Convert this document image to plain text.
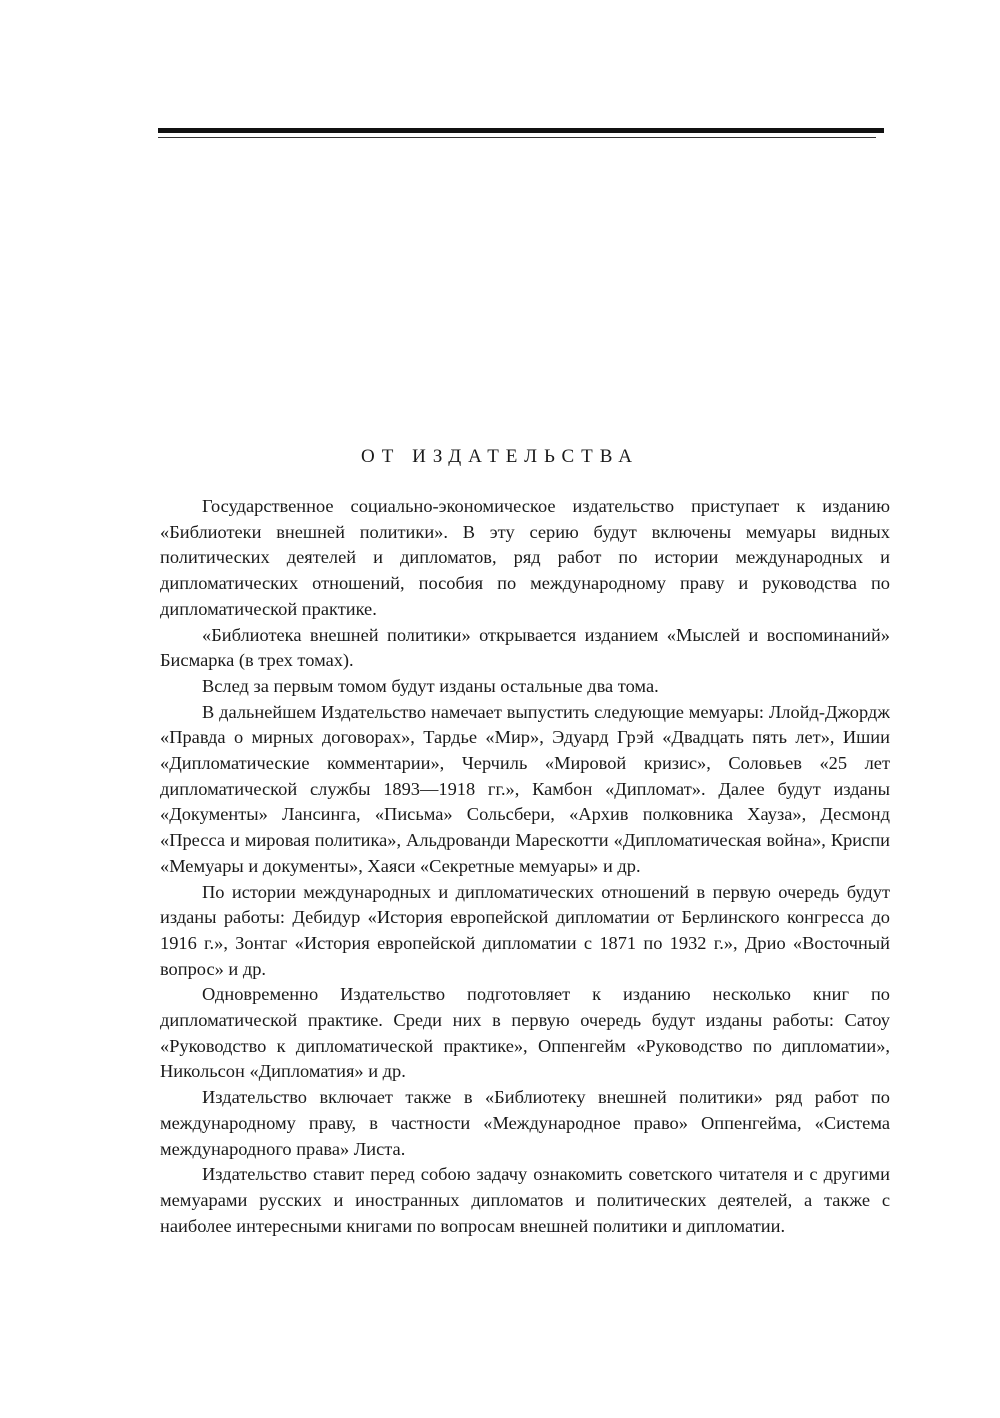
ОТ ИЗДАТЕЛЬСТВА

Государственное социально-экономическое издательство приступает к изданию «Библиотеки внешней политики». В эту серию будут включены мемуары видных политических деятелей и дипломатов, ряд работ по истории международных и дипломатических отношений, пособия по международному праву и руководства по дипломатической практике.

«Библиотека внешней политики» открывается изданием «Мыслей и воспоминаний» Бисмарка (в трех томах).

Вслед за первым томом будут изданы остальные два тома.

В дальнейшем Издательство намечает выпустить следующие мемуары: Ллойд-Джордж «Правда о мирных договорах», Тардье «Мир», Эдуард Грэй «Двадцать пять лет», Ишии «Дипломатические комментарии», Черчиль «Мировой кризис», Соловьев «25 лет дипломатической службы 1893—1918 гг.», Камбон «Дипломат». Далее будут изданы «Документы» Лансинга, «Письма» Сольсбери, «Архив полковника Хауза», Десмонд «Пресса и мировая политика», Альдрованди Марескотти «Дипломатическая война», Криспи «Мемуары и документы», Хаяси «Секретные мемуары» и др.

По истории международных и дипломатических отношений в первую очередь будут изданы работы: Дебидур «История европейской дипломатии от Берлинского конгресса до 1916 г.», Зонтаг «История европейской дипломатии с 1871 по 1932 г.», Дрио «Восточный вопрос» и др.

Одновременно Издательство подготовляет к изданию несколько книг по дипломатической практике. Среди них в первую очередь будут изданы работы: Сатоу «Руководство к дипломатической практике», Оппенгейм «Руководство по дипломатии», Никольсон «Дипломатия» и др.

Издательство включает также в «Библиотеку внешней политики» ряд работ по международному праву, в частности «Международное право» Оппенгейма, «Система международного права» Листа.

Издательство ставит перед собою задачу ознакомить советского читателя и с другими мемуарами русских и иностранных дипломатов и политических деятелей, а также с наиболее интересными книгами по вопросам внешней политики и дипломатии.
